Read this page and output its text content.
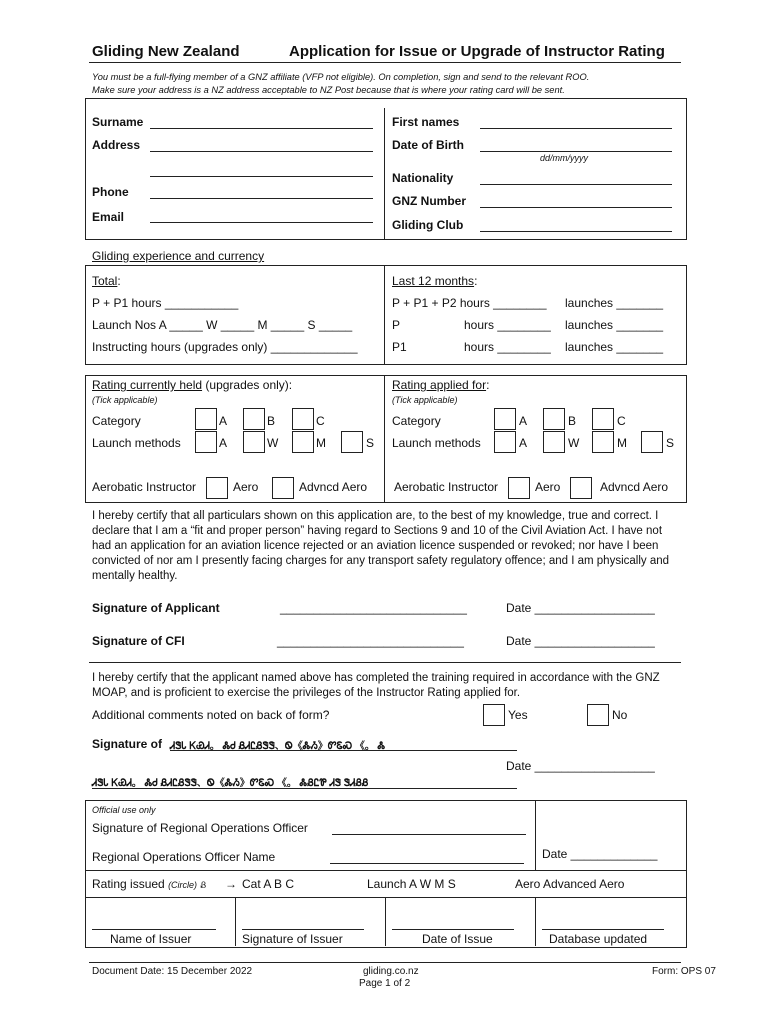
Gliding New Zealand	Application for Issue or Upgrade of Instructor Rating
You must be a full-flying member of a GNZ affiliate (VFP not eligible). On completion, sign and send to the relevant ROO.
Make sure your address is a NZ address acceptable to NZ Post because that is where your rating card will be sent.
Surname
Address
Phone
Email
First names
Date of Birth
dd/mm/yyyy
Nationality
GNZ Number
Gliding Club
Gliding experience and currency
Total:
P + P1 hours ___________
Launch Nos A _____ W _____ M _____ S _____
Instructing hours (upgrades only) _____________
Last 12 months:
P + P1 + P2 hours ________ launches _______
P	hours ________ launches _______
P1	hours ________ launches _______
Rating currently held (upgrades only):
(Tick applicable)
Category	A	B	C
Launch methods	A	W	M	S
Aerobatic Instructor	Aero	Advncd Aero
Rating applied for:
(Tick applicable)
Category	A	B	C
Launch methods	A	W	M	S
Aerobatic Instructor	Aero	Advncd Aero
I hereby certify that all particulars shown on this application are, to the best of my knowledge, true and correct. I declare that I am a “fit and proper person” having regard to Sections 9 and 10 of the Civil Aviation Act. I have not had an application for an aviation licence rejected or an aviation licence suspended or revoked; nor have I been convicted of nor am I presently facing charges for any transport safety regulatory offence; and I am physically and mentally healthy.
Signature of Applicant	____________________________	Date __________________
Signature of CFI	____________________________	Date __________________
I hereby certify that the applicant named above has completed the training required in accordance with the GNZ MOAP, and is proficient to exercise the privileges of the Instructor Rating applied for.
Additional comments noted on back of form?	Yes	No
Signature of ᏗᏕᏓ ᏦᏯᏗ。 ᏜᏧ ᏰᏗᏝᏰᏕᏕ、Ꮻ《ᏜᏱ》ᏛᏋᏍ 《。 Ꮬ
Date __________________
ᏗᏕᏓ ᏦᏯᏗ。 ᏜᏧ ᏰᏗᏝᏰᏕᏕ、Ꮻ《ᏜᏱ》ᏛᏋᏍ 《。 ᏜᏰᏝᏈ ᏗᏕ ᏕᏗᏰᏰ
Official use only
Signature of Regional Operations Officer
Regional Operations Officer Name	Date _____________
Rating issued (Circle) Ᏸ → Cat A B C	Launch A W M S	Aero Advanced Aero
Name of Issuer	Signature of Issuer	Date of Issue	Database updated
Document Date: 15 December 2022	gliding.co.nz
Page 1 of 2
Form: OPS 07
